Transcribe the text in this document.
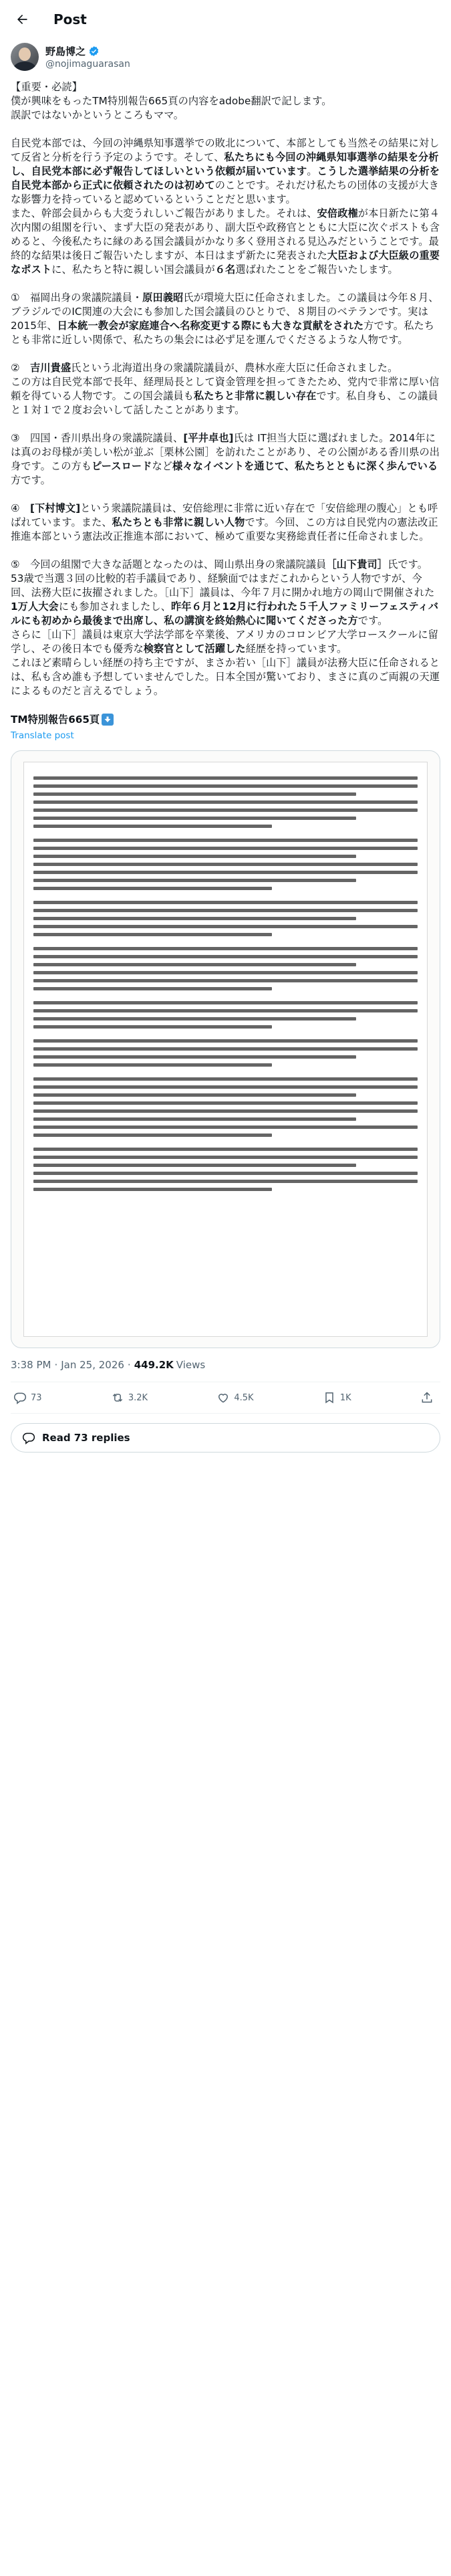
Post
野島博之
@nojimaguarasan

【重要・必読】
僕が興味をもったTM特別報告665頁の内容をadobe翻訳で記します。
誤訳ではないかというところもママ。

自民党本部では、今回の沖縄県知事選挙での敗北について、本部としても当然その結果に対して反省と分析を行う予定のようです。そして、私たちにも今回の沖縄県知事選挙の結果を分析し、自民党本部に必ず報告してほしいという依頼が届いています。こうした選挙結果の分析を自民党本部から正式に依頼されたのは初めてのことです。それだけ私たちの団体の支援が大きな影響力を持っていると認めているということだと思います。
また、幹部会員からも大変うれしいご報告がありました。それは、安倍政権が本日新たに第４次内閣の組閣を行い、まず大臣の発表があり、副大臣や政務官とともに大臣に次ぐポストも含めると、今後私たちに縁のある国会議員がかなり多く登用される見込みだということです。最終的な結果は後日ご報告いたしますが、本日はまず新たに発表された大臣および大臣級の重要なポストに、私たちと特に親しい国会議員が６名選ばれたことをご報告いたします。

①　福岡出身の衆議院議員・原田義昭氏が環境大臣に任命されました。この議員は今年８月、ブラジルでのIC関連の大会にも参加した国会議員のひとりで、８期目のベテランです。実は2015年、日本統一教会が家庭連合へ名称変更する際にも大きな貢献をされた方です。私たちとも非常に近しい関係で、私たちの集会には必ず足を運んでくださるような人物です。

②　吉川貴盛氏という北海道出身の衆議院議員が、農林水産大臣に任命されました。
この方は自民党本部で長年、経理局長として資金管理を担ってきたため、党内で非常に厚い信頼を得ている人物です。この国会議員も私たちと非常に親しい存在です。私自身も、この議員と１対１で２度お会いして話したことがあります。

③　四国・香川県出身の衆議院議員、[平井卓也]氏は IT担当大臣に選ばれました。2014年には真のお母様が美しい松が並ぶ［栗林公園］を訪れたことがあり、その公園がある香川県の出身です。この方もピースロードなど様々なイベントを通じて、私たちとともに深く歩んでいる方です。

④　[下村博文]という衆議院議員は、安倍総理に非常に近い存在で「安倍総理の腹心」とも呼ばれています。また、私たちとも非常に親しい人物です。今回、この方は自民党内の憲法改正推進本部という憲法改正推進本部において、極めて重要な実務総責任者に任命されました。

⑤　今回の組閣で大きな話題となったのは、岡山県出身の衆議院議員［山下貴司］氏です。53歳で当選３回の比較的若手議員であり、経験面ではまだこれからという人物ですが、今回、法務大臣に抜擢されました。［山下］議員は、今年７月に開かれ地方の岡山で開催された1万人大会にも参加されましたし、昨年６月と12月に行われた５千人ファミリーフェスティバルにも初めから最後まで出席し、私の講演を終始熱心に聞いてくださった方です。
さらに［山下］議員は東京大学法学部を卒業後、アメリカのコロンビア大学ロースクールに留学し、その後日本でも優秀な検察官として活躍した経歴を持っています。
これほど素晴らしい経歴の持ち主ですが、まさか若い［山下］議員が法務大臣に任命されるとは、私も含め誰も予想していませんでした。日本全国が驚いており、まさに真のご両親の天運によるものだと言えるでしょう。

TM特別報告665頁
Translate post
3:38 PM · Jan 25, 2026 · 449.2K Views
73	3.2K	4.5K	1K
Read 73 replies
